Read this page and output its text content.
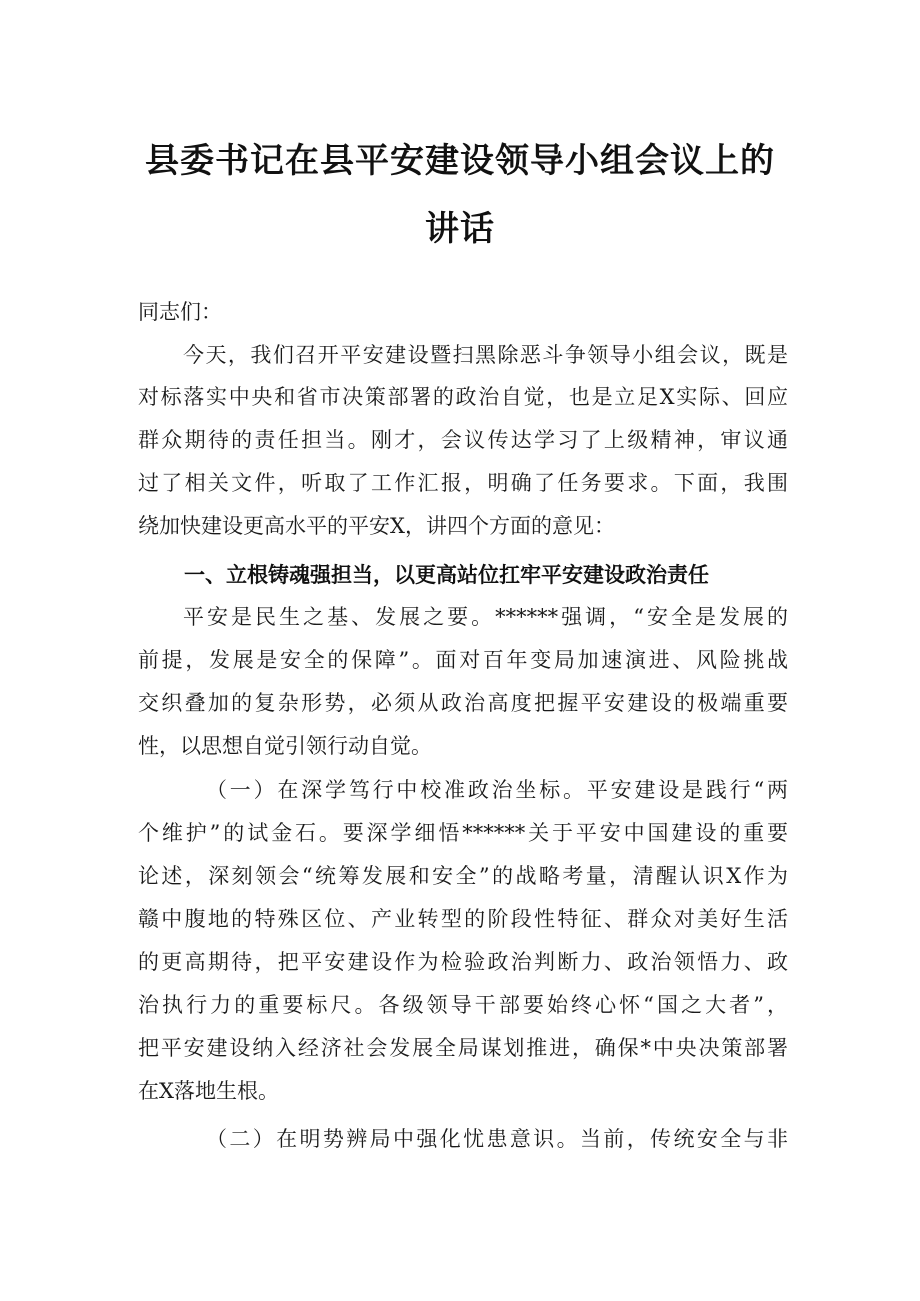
县委书记在县平安建设领导小组会议上的
讲话
同志们：
今天，我们召开平安建设暨扫黑除恶斗争领导小组会议，既是
对标落实中央和省市决策部署的政治自觉，也是立足X实际、回应
群众期待的责任担当。刚才，会议传达学习了上级精神，审议通
过了相关文件，听取了工作汇报，明确了任务要求。下面，我围
绕加快建设更高水平的平安X，讲四个方面的意见：
一、立根铸魂强担当，以更高站位扛牢平安建设政治责任
平安是民生之基、发展之要。******强调，“安全是发展的
前提，发展是安全的保障”。面对百年变局加速演进、风险挑战
交织叠加的复杂形势，必须从政治高度把握平安建设的极端重要
性，以思想自觉引领行动自觉。
（一）在深学笃行中校准政治坐标。平安建设是践行“两
个维护”的试金石。要深学细悟******关于平安中国建设的重要
论述，深刻领会“统筹发展和安全”的战略考量，清醒认识X作为
赣中腹地的特殊区位、产业转型的阶段性特征、群众对美好生活
的更高期待，把平安建设作为检验政治判断力、政治领悟力、政
治执行力的重要标尺。各级领导干部要始终心怀“国之大者”，
把平安建设纳入经济社会发展全局谋划推进，确保*中央决策部署
在X落地生根。
（二）在明势辨局中强化忧患意识。当前，传统安全与非
